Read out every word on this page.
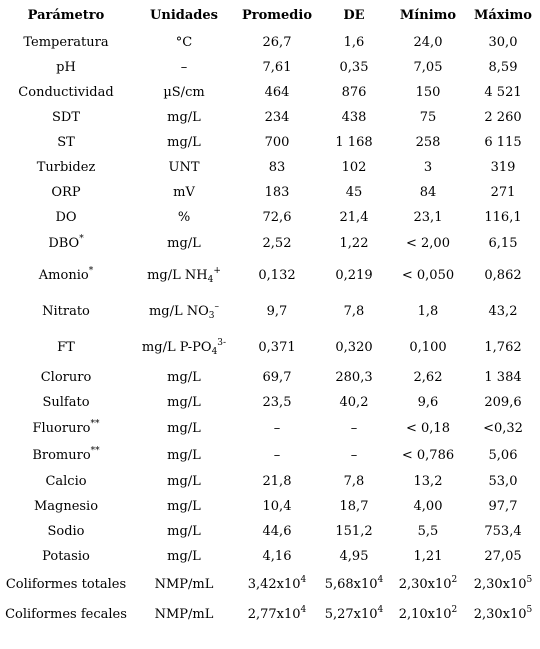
Parámetro	Unidades	Promedio	DE	Mínimo	Máximo
Temperatura	°C	26,7	1,6	24,0	30,0
pH	–	7,61	0,35	7,05	8,59
Conductividad	µS/cm	464	876	150	4 521
SDT	mg/L	234	438	75	2 260
ST	mg/L	700	1 168	258	6 115
Turbidez	UNT	83	102	3	319
ORP	mV	183	45	84	271
DO	%	72,6	21,4	23,1	116,1
DBO*	mg/L	2,52	1,22	< 2,00	6,15
Amonio*	mg/L $NH_4^+$	0,132	0,219	< 0,050	0,862
Nitrato	mg/L $NO_3^-$	9,7	7,8	1,8	43,2
FT	mg/L $P-PO_4^{3-}$	0,371	0,320	0,100	1,762
Cloruro	mg/L	69,7	280,3	2,62	1 384
Sulfato	mg/L	23,5	40,2	9,6	209,6
Fluoruro**	mg/L	–	–	< 0,18	<0,32
Bromuro**	mg/L	–	–	< 0,786	5,06
Calcio	mg/L	21,8	7,8	13,2	53,0
Magnesio	mg/L	10,4	18,7	4,00	97,7
Sodio	mg/L	44,6	151,2	5,5	753,4
Potasio	mg/L	4,16	4,95	1,21	27,05
Coliformes totales	NMP/mL	$3,42x10^4$	$5,68x10^4$	$2,30x10^2$	$2,30x10^5$
Coliformes fecales	NMP/mL	$2,77x10^4$	$5,27x10^4$	$2,10x10^2$	$2,30x10^5$
